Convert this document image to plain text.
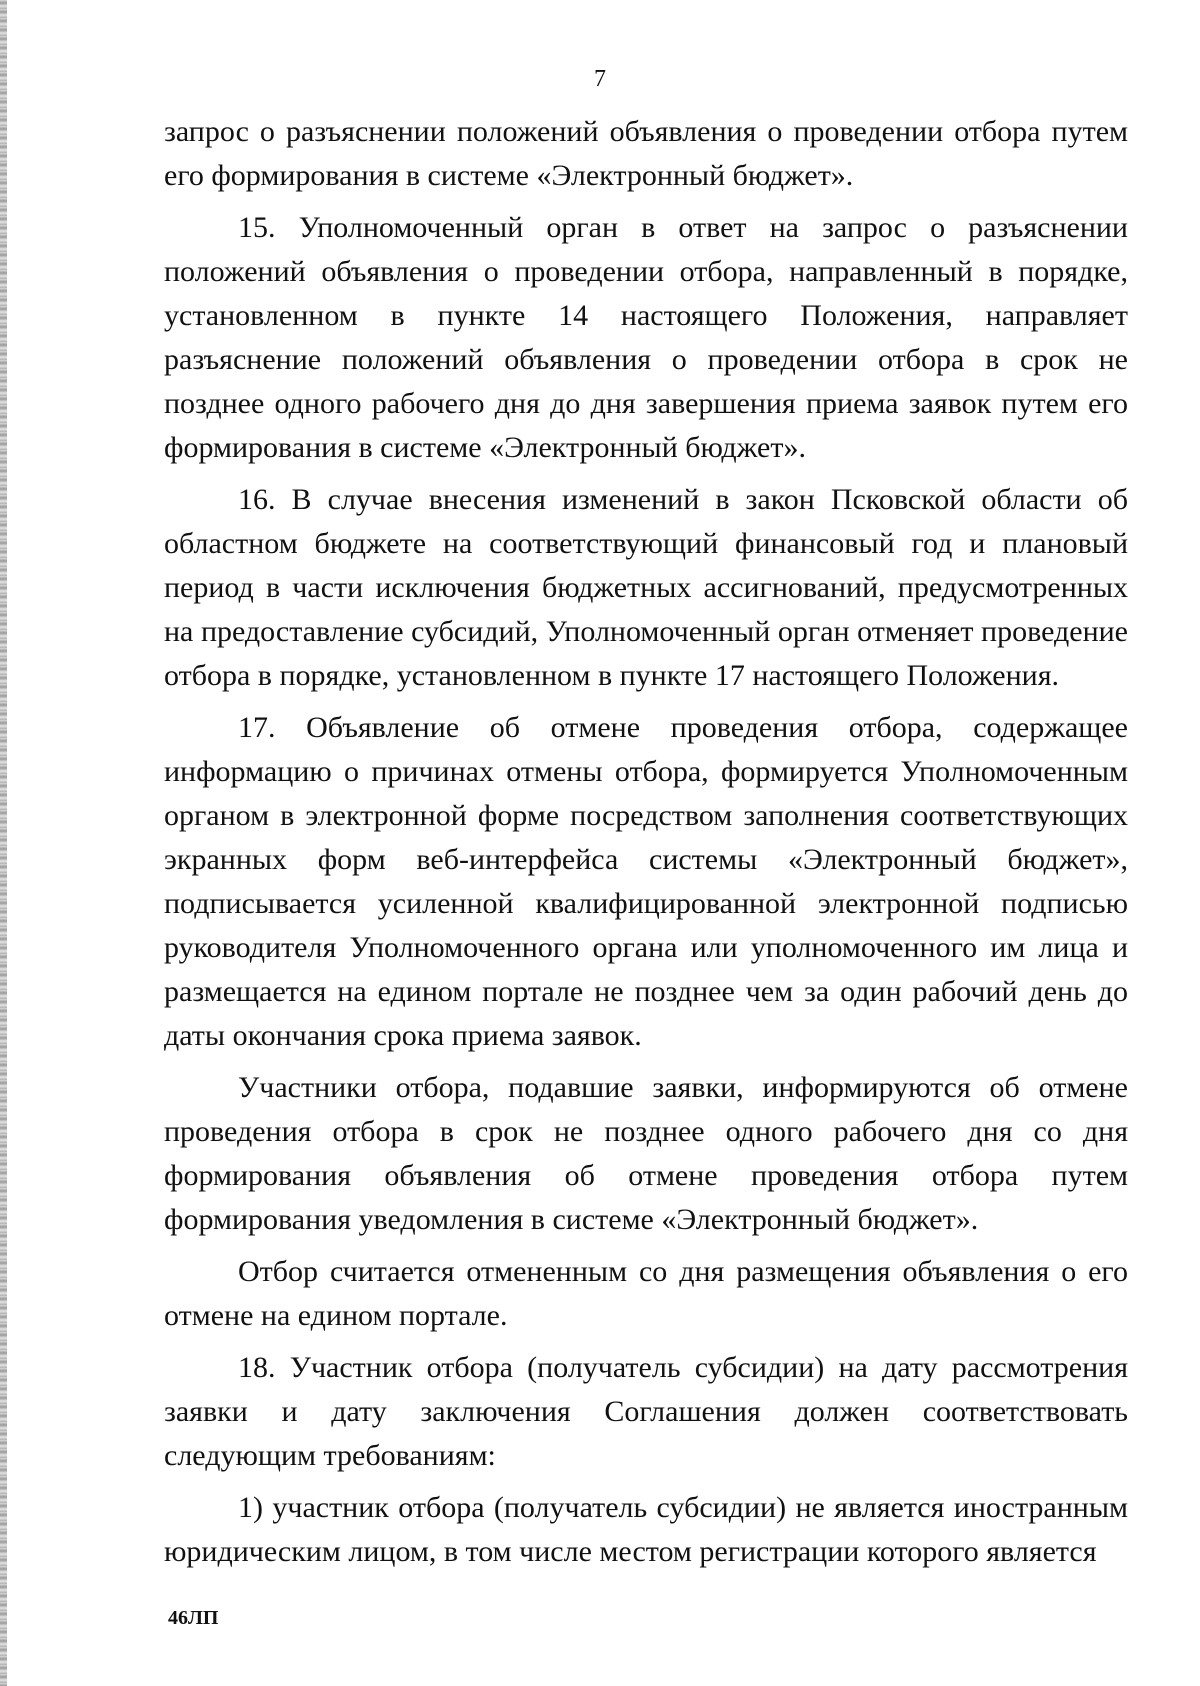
7

запрос о разъяснении положений объявления о проведении отбора путем его формирования в системе «Электронный бюджет».

15. Уполномоченный орган в ответ на запрос о разъяснении положений объявления о проведении отбора, направленный в порядке, установленном в пункте 14 настоящего Положения, направляет разъяснение положений объявления о проведении отбора в срок не позднее одного рабочего дня до дня завершения приема заявок путем его формирования в системе «Электронный бюджет».

16. В случае внесения изменений в закон Псковской области об областном бюджете на соответствующий финансовый год и плановый период в части исключения бюджетных ассигнований, предусмотренных на предоставление субсидий, Уполномоченный орган отменяет проведение отбора в порядке, установленном в пункте 17 настоящего Положения.

17. Объявление об отмене проведения отбора, содержащее информацию о причинах отмены отбора, формируется Уполномоченным органом в электронной форме посредством заполнения соответствующих экранных форм веб-интерфейса системы «Электронный бюджет», подписывается усиленной квалифицированной электронной подписью руководителя Уполномоченного органа или уполномоченного им лица и размещается на едином портале не позднее чем за один рабочий день до даты окончания срока приема заявок.

Участники отбора, подавшие заявки, информируются об отмене проведения отбора в срок не позднее одного рабочего дня со дня формирования объявления об отмене проведения отбора путем формирования уведомления в системе «Электронный бюджет».

Отбор считается отмененным со дня размещения объявления о его отмене на едином портале.

18. Участник отбора (получатель субсидии) на дату рассмотрения заявки и дату заключения Соглашения должен соответствовать следующим требованиям:

1) участник отбора (получатель субсидии) не является иностранным юридическим лицом, в том числе местом регистрации которого является

46ЛП
